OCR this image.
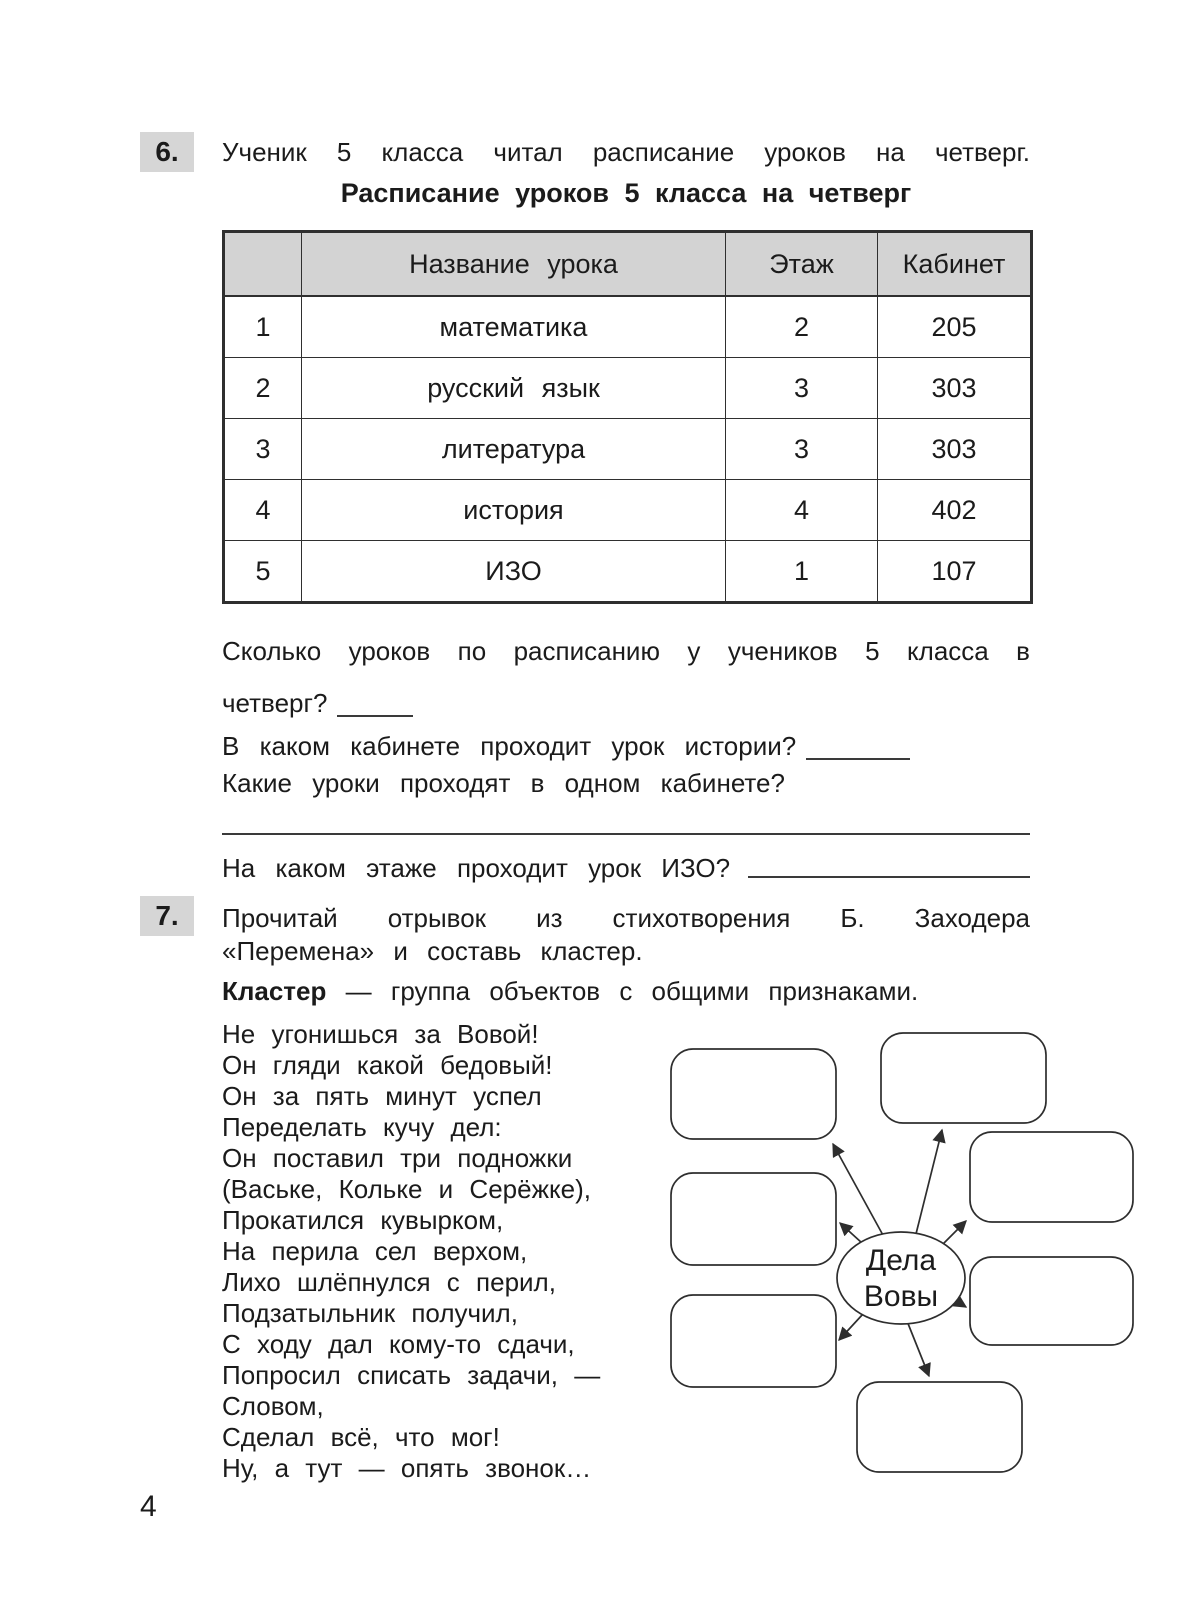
6.	Ученик 5 класса читал расписание уроков на четверг.
Расписание уроков 5 класса на четверг
	Название урока	Этаж	Кабинет
1	математика	2	205
2	русский язык	3	303
3	литература	3	303
4	история	4	402
5	ИЗО	1	107
Сколько уроков по расписанию у учеников 5 класса в
четверг?
В каком кабинете проходит урок истории?
Какие уроки проходят в одном кабинете?
На каком этаже проходит урок ИЗО?
7.	Прочитай отрывок из стихотворения Б. Заходера
«Перемена» и составь кластер.
Кластер — группа объектов с общими признаками.
Не угонишься за Вовой!
Он гляди какой бедовый!
Он за пять минут успел
Переделать кучу дел:
Он поставил три подножки
(Ваське, Кольке и Серёжке),
Прокатился кувырком,
На перила сел верхом,
Лихо шлёпнулся с перил,
Подзатыльник получил,
С ходу дал кому-то сдачи,
Попросил списать задачи, —
Словом,
Сделал всё, что мог!
Ну, а тут — опять звонок…
Дела
Вовы
4
